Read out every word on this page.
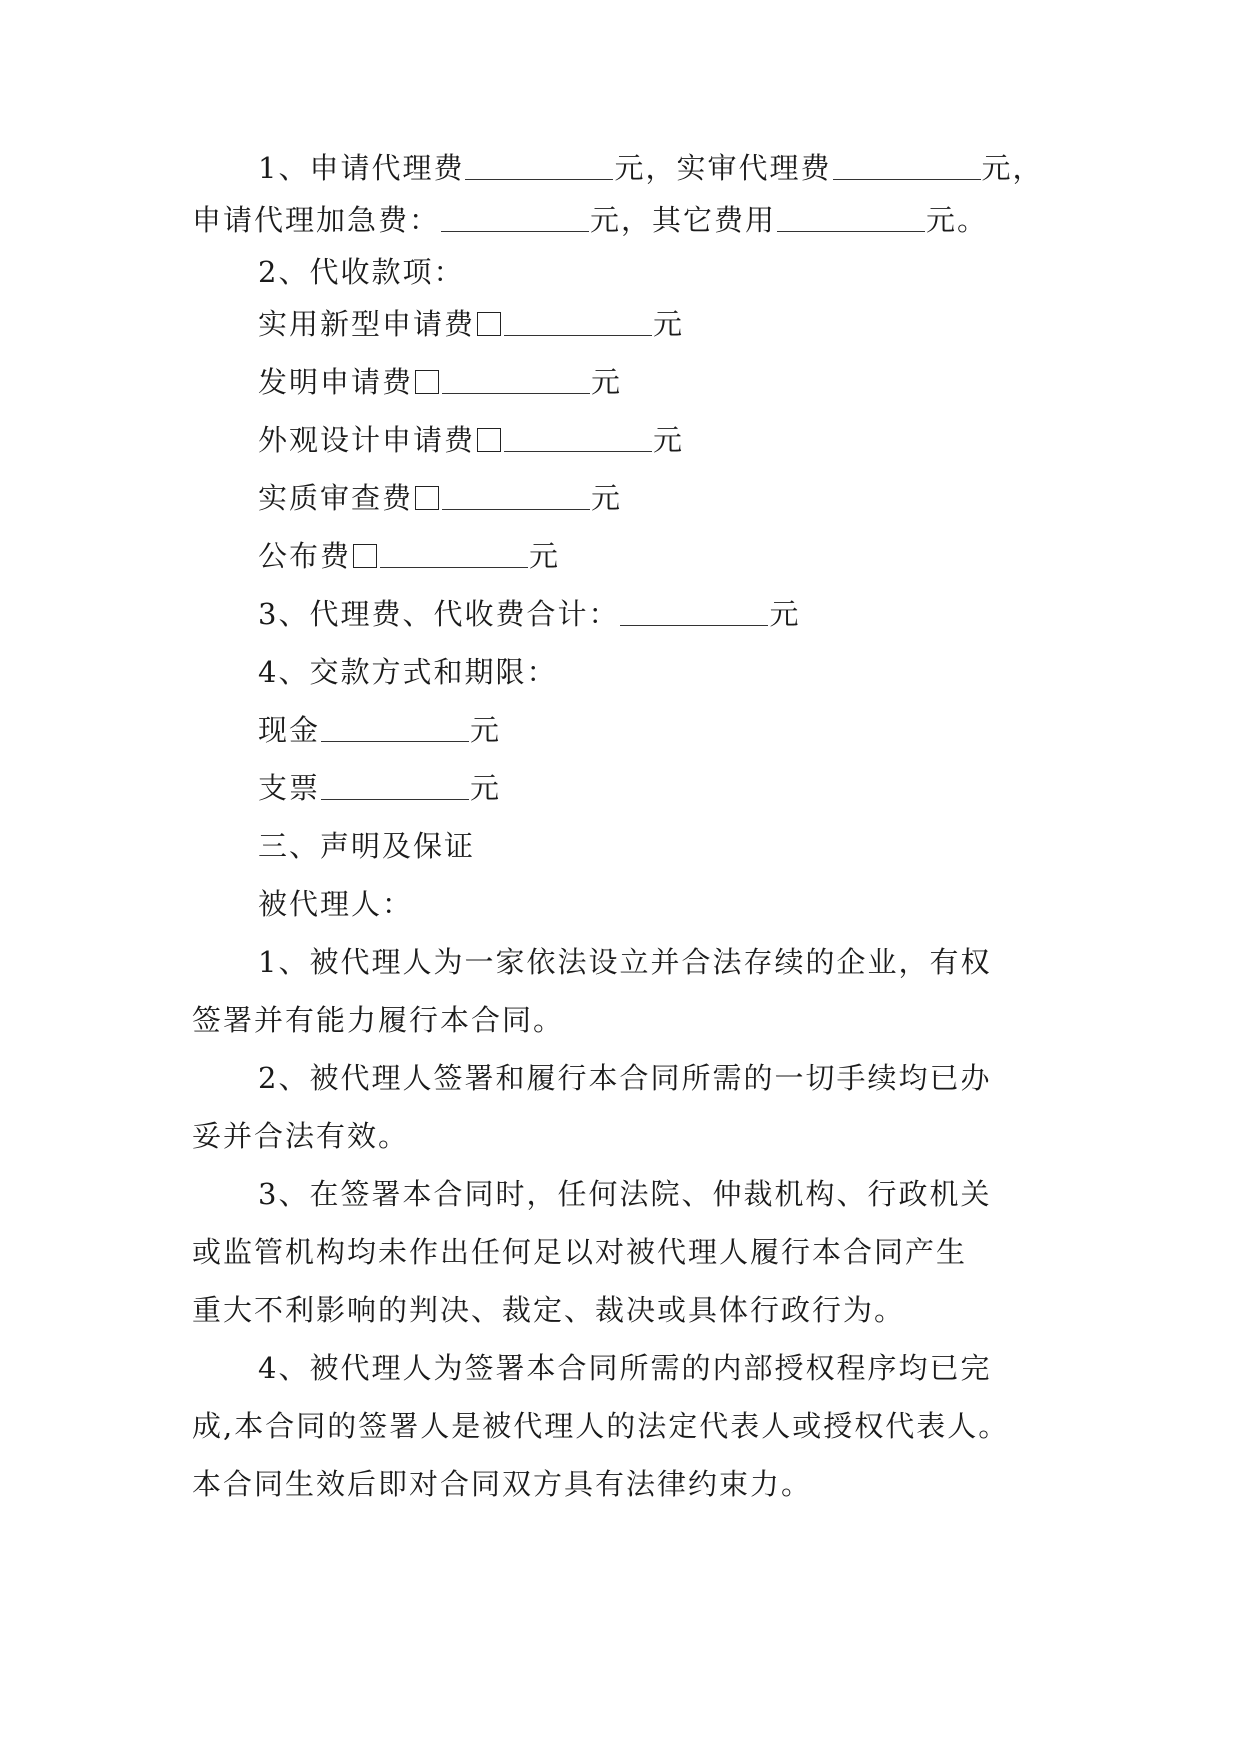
1、申请代理费	元，实审代理费	元，
申请代理加急费：	元，其它费用	元。
2、代收款项：
实用新型申请费	元
发明申请费	元
外观设计申请费	元
实质审查费	元
公布费	元
3、代理费、代收费合计：	元
4、交款方式和期限：
现金	元
支票	元
三、声明及保证
被代理人：
1、被代理人为一家依法设立并合法存续的企业，有权
签署并有能力履行本合同。
2、被代理人签署和履行本合同所需的一切手续均已办
妥并合法有效。
3、在签署本合同时，任何法院、仲裁机构、行政机关
或监管机构均未作出任何足以对被代理人履行本合同产生
重大不利影响的判决、裁定、裁决或具体行政行为。
4、被代理人为签署本合同所需的内部授权程序均已完
成,本合同的签署人是被代理人的法定代表人或授权代表人。
本合同生效后即对合同双方具有法律约束力。
